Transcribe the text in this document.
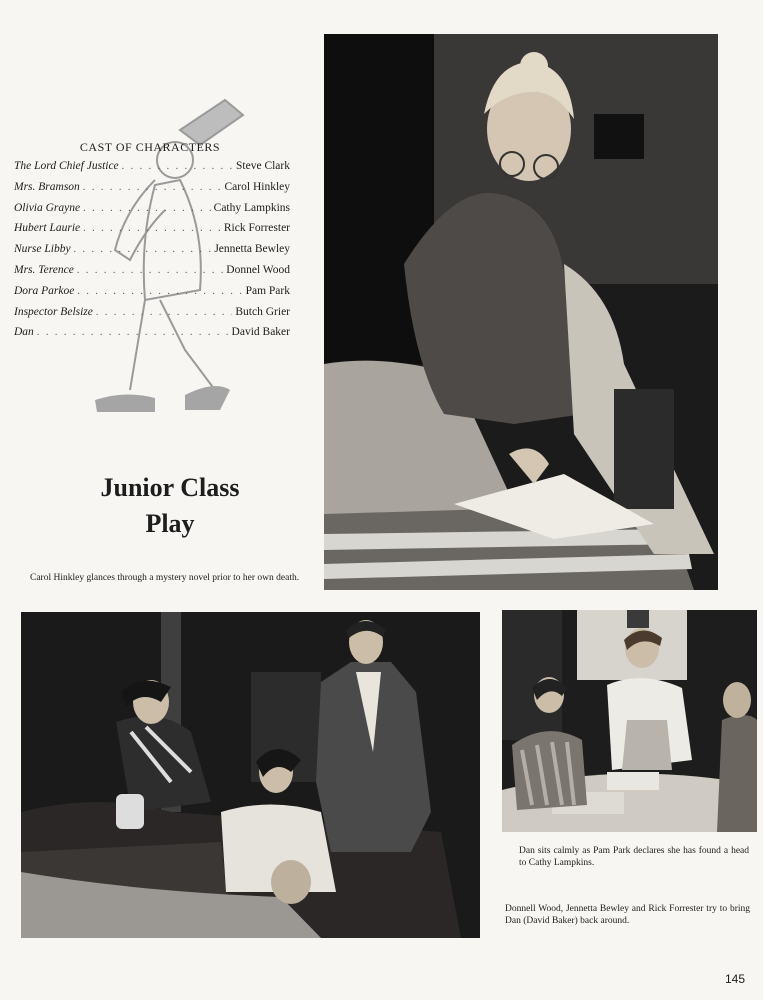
CAST OF CHARACTERS
The Lord Chief Justice . . .	Steve Clark
Mrs. Bramson . . .	Carol Hinkley
Olivia Grayne . . .	Cathy Lampkins
Hubert Laurie . . .	Rick Forrester
Nurse Libby . . .	Jennetta Bewley
Mrs. Terence . . .	Donnel Wood
Dora Parkoe . . .	Pam Park
Inspector Belsize . . .	Butch Grier
Dan . . .	David Baker
Junior Class
Play
Carol Hinkley glances through a mystery novel prior to her own death.
Dan sits calmly as Pam Park declares she has found a head to Cathy Lampkins.
Donnell Wood, Jennetta Bewley and Rick Forrester try to bring Dan (David Baker) back around.
145
